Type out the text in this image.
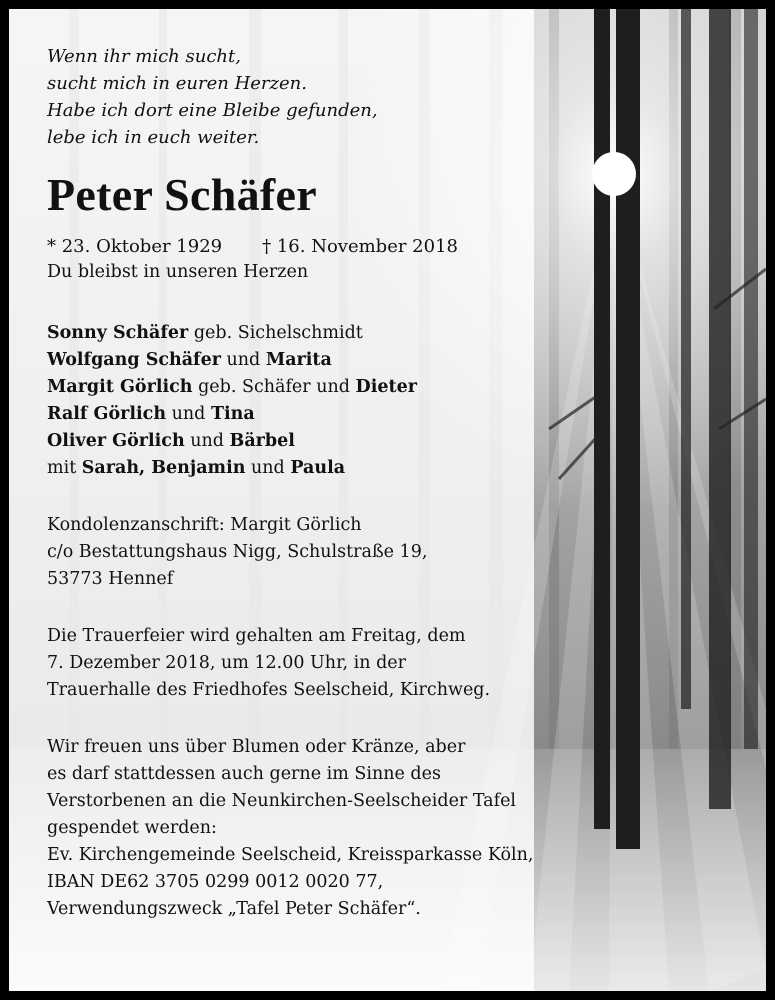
Wenn ihr mich sucht,
sucht mich in euren Herzen.
Habe ich dort eine Bleibe gefunden,
lebe ich in euch weiter.
Peter Schäfer
* 23. Oktober 1929 † 16. November 2018

Du bleibst in unseren Herzen

Sonny Schäfer geb. Sichelschmidt

Wolfgang Schäfer und Marita

Margit Görlich geb. Schäfer und Dieter

Ralf Görlich und Tina

Oliver Görlich und Bärbel

mit Sarah, Benjamin und Paula

Kondolenzanschrift: Margit Görlich

c/o Bestattungshaus Nigg, Schulstraße 19,

53773 Hennef

Die Trauerfeier wird gehalten am Freitag, dem

7. Dezember 2018, um 12.00 Uhr, in der

Trauerhalle des Friedhofes Seelscheid, Kirchweg.

Wir freuen uns über Blumen oder Kränze, aber

es darf stattdessen auch gerne im Sinne des

Verstorbenen an die Neunkirchen-Seelscheider Tafel

gespendet werden:

Ev. Kirchengemeinde Seelscheid, Kreissparkasse Köln,

IBAN DE62 3705 0299 0012 0020 77,

Verwendungszweck „Tafel Peter Schäfer“.
